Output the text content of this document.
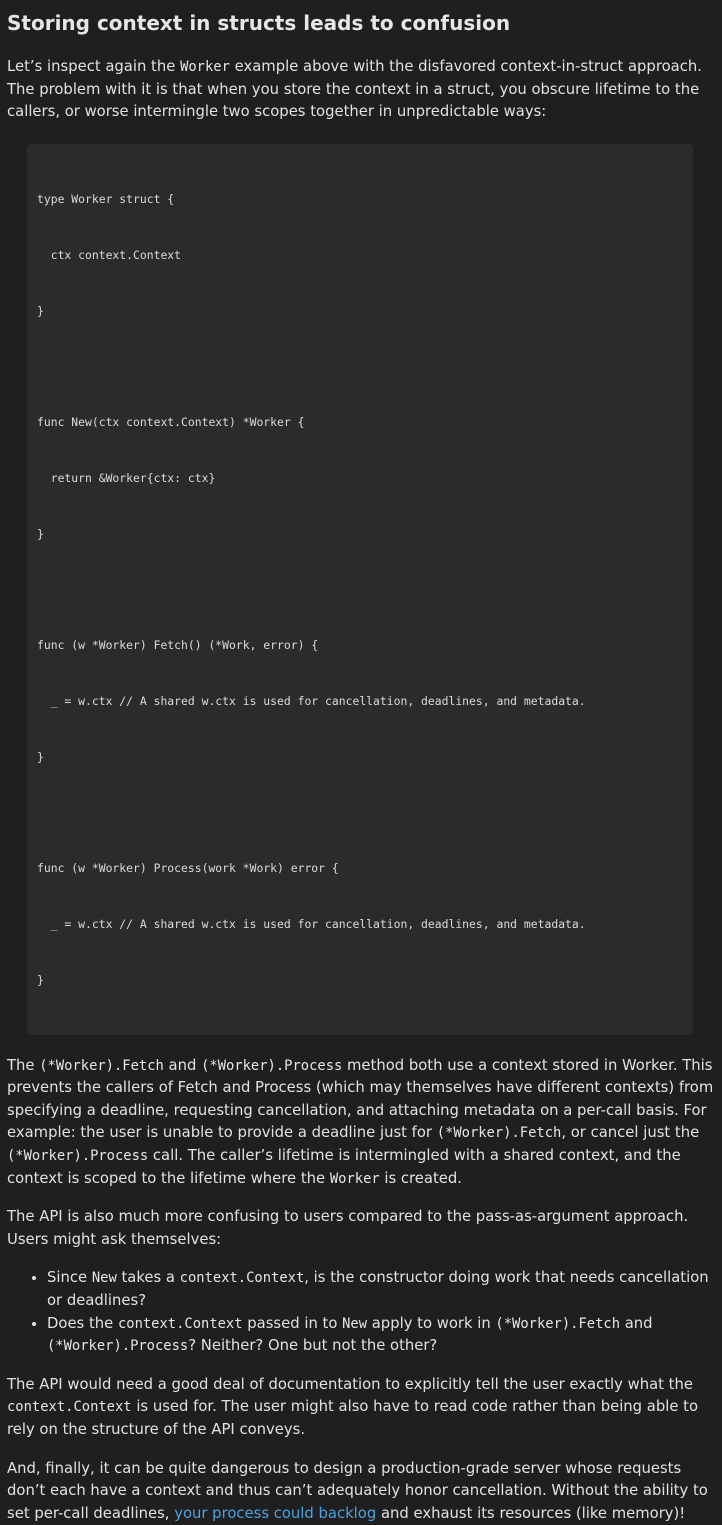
Storing context in structs leads to confusion

Let’s inspect again the Worker example above with the disfavored context-in-struct approach. The problem with it is that when you store the context in a struct, you obscure lifetime to the callers, or worse intermingle two scopes together in unpredictable ways:

type Worker struct {

ctx context.Context

}

func New(ctx context.Context) *Worker {

return &Worker{ctx: ctx}

}

func (w *Worker) Fetch() (*Work, error) {

_ = w.ctx // A shared w.ctx is used for cancellation, deadlines, and metadata.

}

func (w *Worker) Process(work *Work) error {

_ = w.ctx // A shared w.ctx is used for cancellation, deadlines, and metadata.

}

The (*Worker).Fetch and (*Worker).Process method both use a context stored in Worker. This prevents the callers of Fetch and Process (which may themselves have different contexts) from specifying a deadline, requesting cancellation, and attaching metadata on a per-call basis. For example: the user is unable to provide a deadline just for (*Worker).Fetch, or cancel just the (*Worker).Process call. The caller’s lifetime is intermingled with a shared context, and the context is scoped to the lifetime where the Worker is created.

The API is also much more confusing to users compared to the pass-as-argument approach. Users might ask themselves:

• Since New takes a context.Context, is the constructor doing work that needs cancellation or deadlines?
• Does the context.Context passed in to New apply to work in (*Worker).Fetch and (*Worker).Process? Neither? One but not the other?

The API would need a good deal of documentation to explicitly tell the user exactly what the context.Context is used for. The user might also have to read code rather than being able to rely on the structure of the API conveys.

And, finally, it can be quite dangerous to design a production-grade server whose requests don’t each have a context and thus can’t adequately honor cancellation. Without the ability to set per-call deadlines, your process could backlog and exhaust its resources (like memory)!
